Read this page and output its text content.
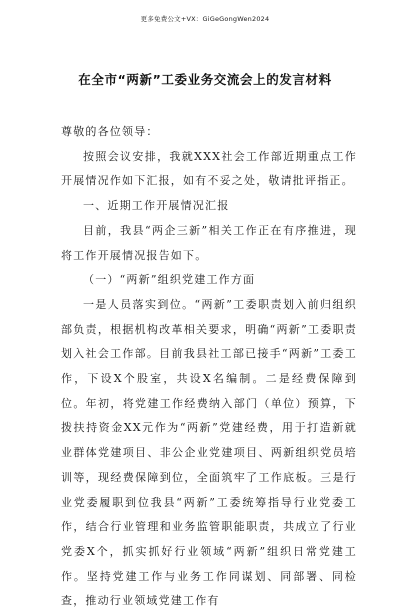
更多免费公文+VX：GiGeGongWen2024
在全市“两新”工委业务交流会上的发言材料

尊敬的各位领导：

按照会议安排，我就XXX社会工作部近期重点工作开展情况作如下汇报，如有不妥之处，敬请批评指正。

一、近期工作开展情况汇报

目前，我县“两企三新”相关工作正在有序推进，现将工作开展情况报告如下。

（一）“两新”组织党建工作方面

一是人员落实到位。“两新”工委职责划入前归组织部负责，根据机构改革相关要求，明确“两新”工委职责划入社会工作部。目前我县社工部已接手“两新”工委工作，下设X个股室，共设X名编制。二是经费保障到位。年初，将党建工作经费纳入部门（单位）预算，下拨扶持资金XX元作为“两新”党建经费，用于打造新就业群体党建项目、非公企业党建项目、两新组织党员培训等，现经费保障到位，全面筑牢了工作底板。三是行业党委履职到位我县“两新”工委统筹指导行业党委工作，结合行业管理和业务监管职能职责，共成立了行业党委X个，抓实抓好行业领域“两新”组织日常党建工作。坚持党建工作与业务工作同谋划、同部署、同检查，推动行业领域党建工作有
